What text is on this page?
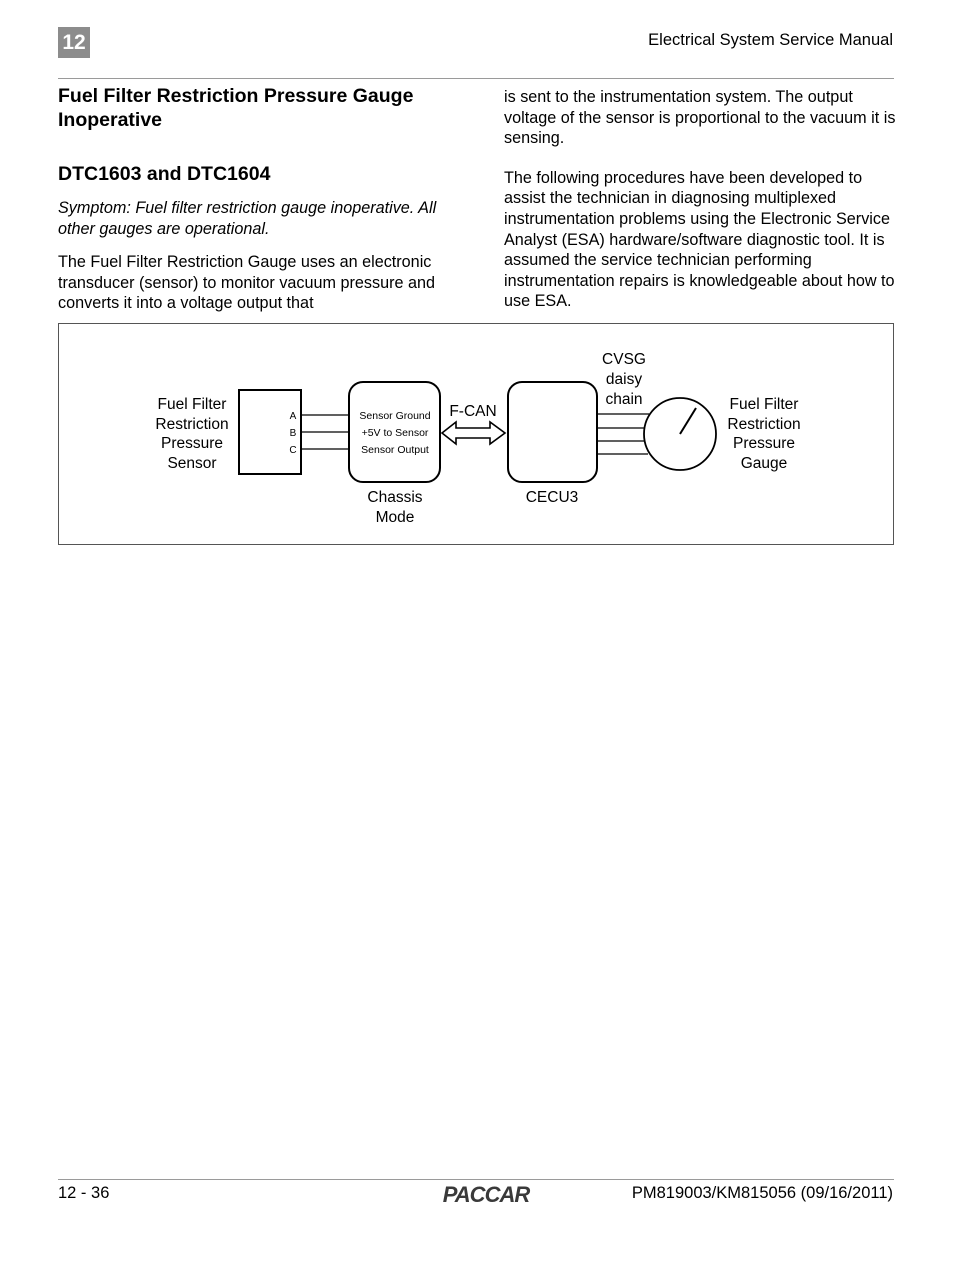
12	Electrical System Service Manual
Fuel Filter Restriction Pressure Gauge Inoperative
DTC1603 and DTC1604

Symptom: Fuel filter restriction gauge inoperative. All other gauges are operational.

The Fuel Filter Restriction Gauge uses an electronic transducer (sensor) to monitor vacuum pressure and converts it into a voltage output that

is sent to the instrumentation system. The output voltage of the sensor is proportional to the vacuum it is sensing.

The following procedures have been developed to assist the technician in diagnosing multiplexed instrumentation problems using the Electronic Service Analyst (ESA) hardware/software diagnostic tool. It is assumed the service technician performing instrumentation repairs is knowledgeable about how to use ESA.

Fuel Filter
Restriction
Pressure
Sensor
A
B
C
Sensor Ground
+5V to Sensor
Sensor Output
Chassis
Mode
F-CAN
CECU3
CVSG
daisy
chain	Fuel Filter
Restriction
Pressure
Gauge
12 - 36	PACCAR	PM819003/KM815056 (09/16/2011)
